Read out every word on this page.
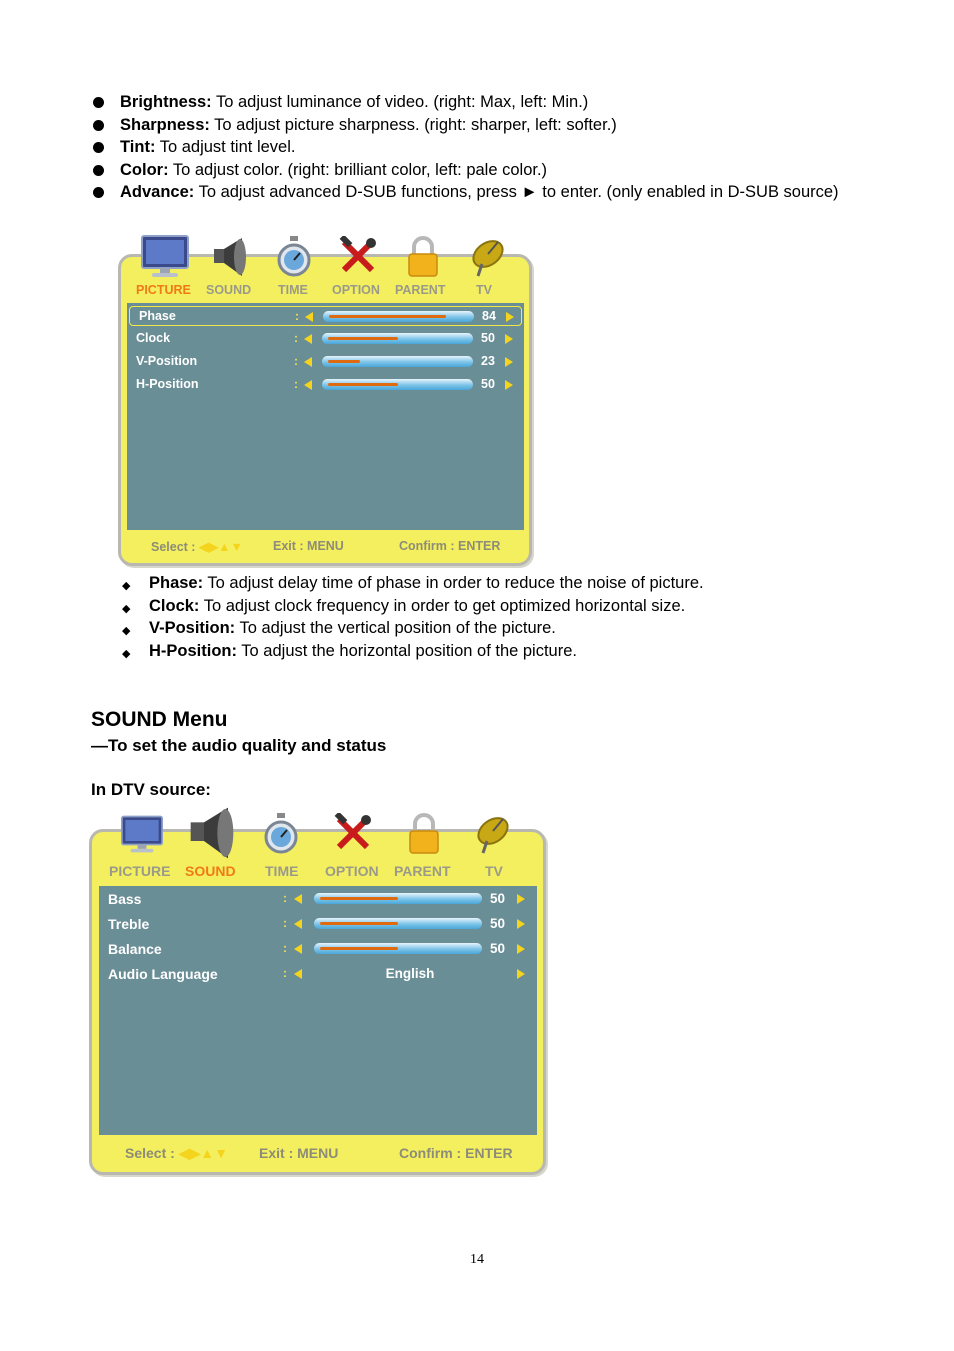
Brightness: To adjust luminance of video. (right: Max, left: Min.)
Sharpness: To adjust picture sharpness. (right: sharper, left: softer.)
Tint: To adjust tint level.
Color: To adjust color. (right: brilliant color, left: pale color.)
Advance: To adjust advanced D-SUB functions, press ► to enter. (only enabled in D-SUB source)
PICTURE SOUND TIME OPTION PARENT TV
Phase	:	84
Clock	:	50
V-Position	:	23
H-Position	:	50
Select : ◀▶▲▼ Exit : MENU	Confirm : ENTER
◆ Phase: To adjust delay time of phase in order to reduce the noise of picture.
◆ Clock: To adjust clock frequency in order to get optimized horizontal size.
◆ V-Position: To adjust the vertical position of the picture.
◆ H-Position: To adjust the horizontal position of the picture.
SOUND Menu
—To set the audio quality and status
In DTV source:
PICTURE SOUND TIME OPTION PARENT TV
Bass	:	50
Treble	:	50
Balance	:	50
Audio Language	:	English
Select : ◀▶▲▼ Exit : MENU	Confirm : ENTER
14
